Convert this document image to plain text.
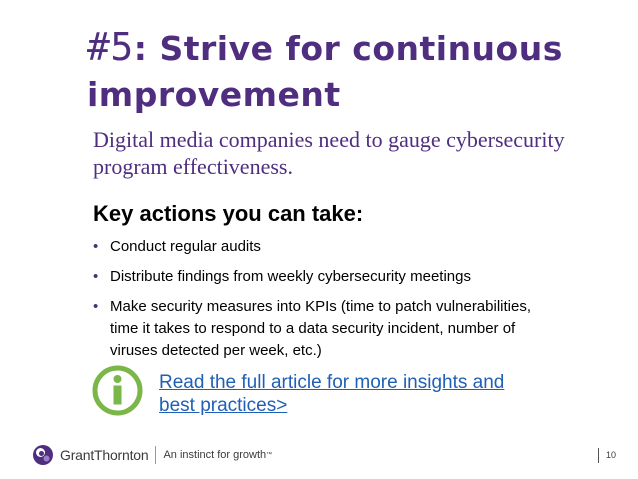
#5: Strive for continuous improvement

Digital media companies need to gauge cybersecurity program effectiveness.

Key actions you can take:
• Conduct regular audits
• Distribute findings from weekly cybersecurity meetings
• Make security measures into KPIs (time to patch vulnerabilities, time it takes to respond to a data security incident, number of viruses detected per week, etc.)
Read the full article for more insights and best practices>
GrantThornton An instinct for growth ™	10
